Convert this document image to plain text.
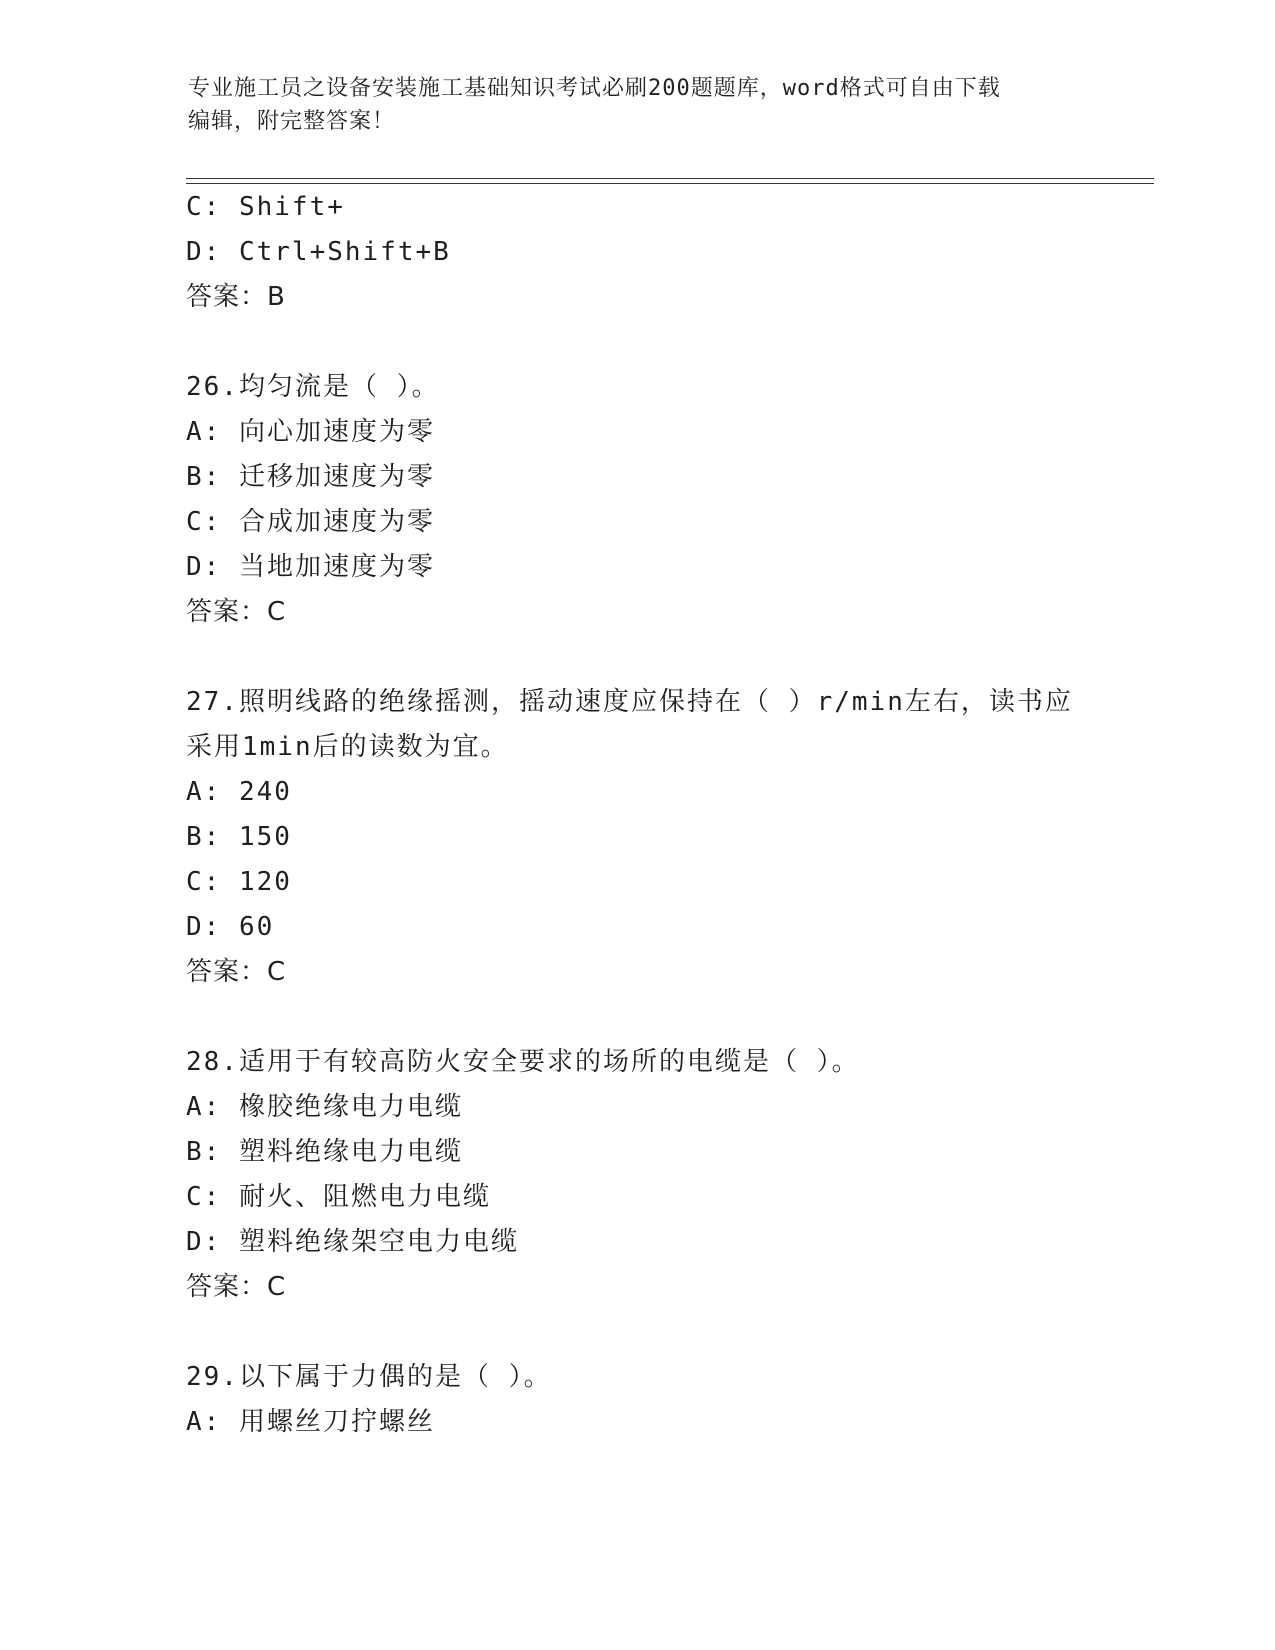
专业施工员之设备安装施工基础知识考试必刷200题题库，word格式可自由下载
编辑，附完整答案！
C: Shift+
D: Ctrl+Shift+B
答案：B
26.均匀流是（ ）。
A: 向心加速度为零
B: 迁移加速度为零
C: 合成加速度为零
D: 当地加速度为零
答案：C
27.照明线路的绝缘摇测，摇动速度应保持在（ ）r/min左右，读书应
采用1min后的读数为宜。
A: 240
B: 150
C: 120
D: 60
答案：C
28.适用于有较高防火安全要求的场所的电缆是（ ）。
A: 橡胶绝缘电力电缆
B: 塑料绝缘电力电缆
C: 耐火、阻燃电力电缆
D: 塑料绝缘架空电力电缆
答案：C
29.以下属于力偶的是（ ）。
A: 用螺丝刀拧螺丝
